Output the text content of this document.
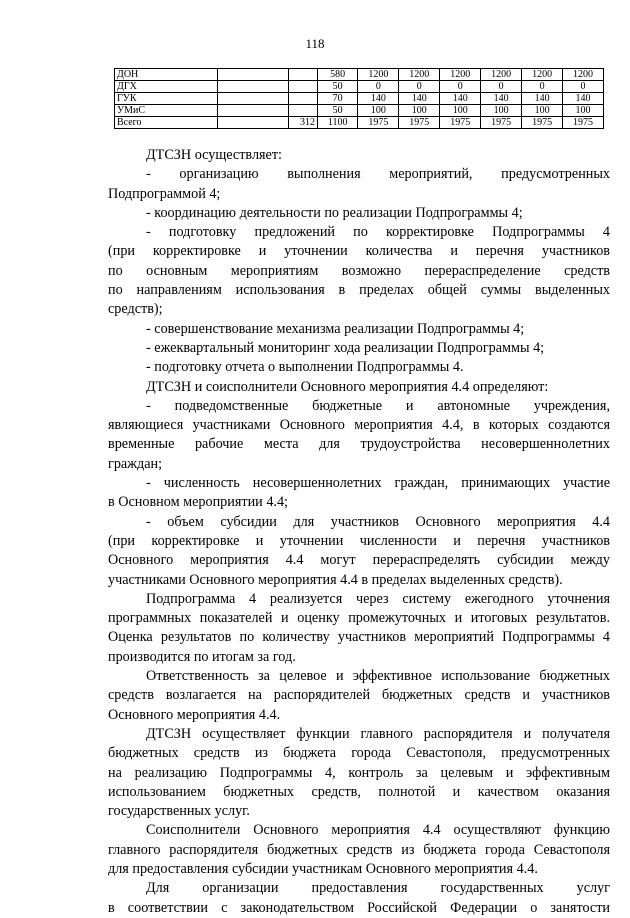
118
ДОН			580	1200	1200	1200	1200	1200	1200
ДГХ			50	0	0	0	0	0	0
ГУК			70	140	140	140	140	140	140
УМиС			50	100	100	100	100	100	100
Всего		312	1100	1975	1975	1975	1975	1975	1975

ДТСЗН осуществляет:

- организацию выполнения мероприятий, предусмотренных

Подпрограммой 4;

- координацию деятельности по реализации Подпрограммы 4;

- подготовку предложений по корректировке Подпрограммы 4

(при корректировке и уточнении количества и перечня участников

по основным мероприятиям возможно перераспределение средств

по направлениям использования в пределах общей суммы выделенных

средств);

- совершенствование механизма реализации Подпрограммы 4;

- ежеквартальный мониторинг хода реализации Подпрограммы 4;

- подготовку отчета о выполнении Подпрограммы 4.

ДТСЗН и соисполнители Основного мероприятия 4.4 определяют:

- подведомственные бюджетные и автономные учреждения,

являющиеся участниками Основного мероприятия 4.4, в которых создаются

временные рабочие места для трудоустройства несовершеннолетних

граждан;

- численность несовершеннолетних граждан, принимающих участие

в Основном мероприятии 4.4;

- объем субсидии для участников Основного мероприятия 4.4

(при корректировке и уточнении численности и перечня участников

Основного мероприятия 4.4 могут перераспределять субсидии между

участниками Основного мероприятия 4.4 в пределах выделенных средств).

Подпрограмма 4 реализуется через систему ежегодного уточнения

программных показателей и оценку промежуточных и итоговых результатов.

Оценка результатов по количеству участников мероприятий Подпрограммы 4

производится по итогам за год.

Ответственность за целевое и эффективное использование бюджетных

средств возлагается на распорядителей бюджетных средств и участников

Основного мероприятия 4.4.

ДТСЗН осуществляет функции главного распорядителя и получателя

бюджетных средств из бюджета города Севастополя, предусмотренных

на реализацию Подпрограммы 4, контроль за целевым и эффективным

использованием бюджетных средств, полнотой и качеством оказания

государственных услуг.

Соисполнители Основного мероприятия 4.4 осуществляют функцию

главного распорядителя бюджетных средств из бюджета города Севастополя

для предоставления субсидии участникам Основного мероприятия 4.4.

Для организации предоставления государственных услуг

в соответствии с законодательством Российской Федерации о занятости
